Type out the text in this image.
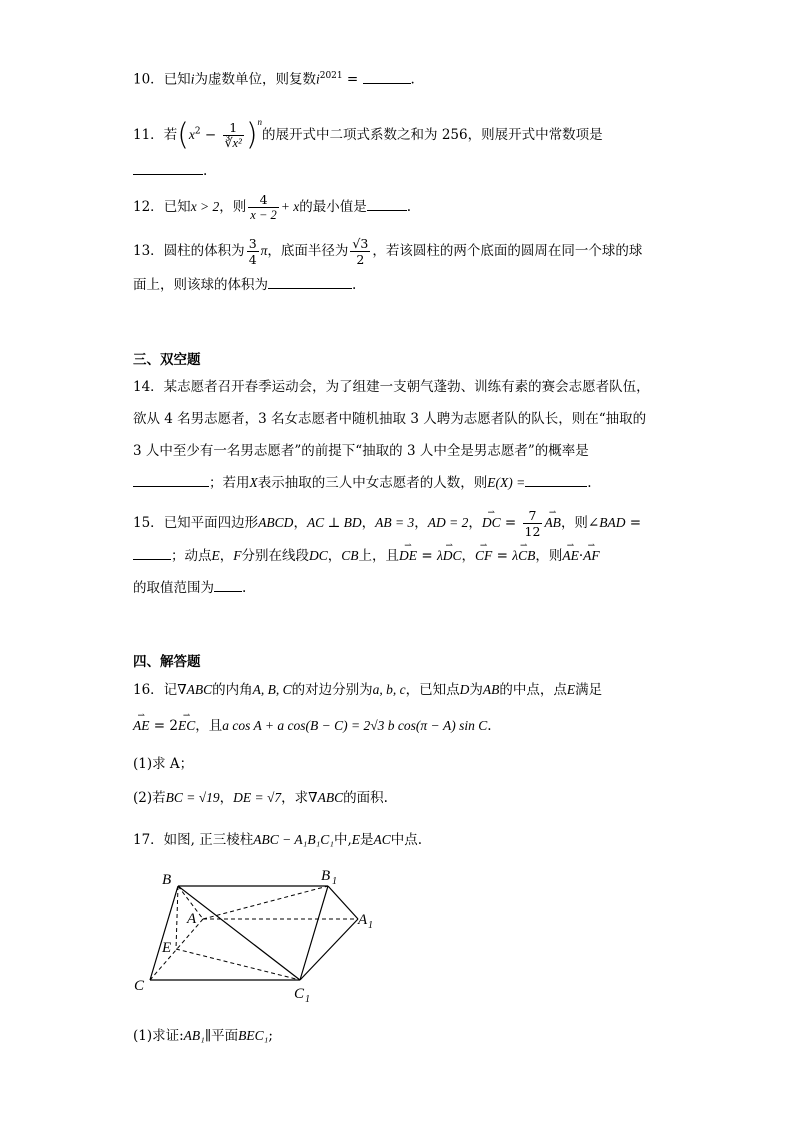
10．已知i为虚数单位，则复数$i^{2021}$ =	.
11．若$(x^2 - \frac{1}{\text{∛x²}} )^n$的展开式中二项式系数之和为 256，则展开式中常数项是
.
12．已知x > 2，则 $\frac{4}{x - 2} + x$的最小值是	.
13．圆柱的体积为 $\frac{3}{4}$ π，底面半径为 $\frac{√3}{2}$ ，若该圆柱的两个底面的圆周在同一个球的球
面上，则该球的体积为	.
三、双空题
14．某志愿者召开春季运动会，为了组建一支朝气蓬勃、训练有素的赛会志愿者队伍，
欲从 4 名男志愿者，3 名女志愿者中随机抽取 3 人聘为志愿者队的队长，则在“抽取的
3 人中至少有一名男志愿者”的前提下“抽取的 3 人中全是男志愿者”的概率是
；若用X表示抽取的三人中女志愿者的人数，则E(X) =	.
15．已知平面四边形ABCD，AC ⊥ BD，AB = 3，AD = 2，⇀ DC = $\frac{7}{12}$
⇀ AB，则∠BAD =
；动点E，F分别在线段DC，CB上，且⇀ DE = ⇀ λDC，⇀ CF = ⇀ λCB，则⇀ AE·⇀ AF
的取值范围为 .
四、解答题
16．记∇ABC的内角A, B, C的对边分别为a, b, c，已知点D为AB的中点，点E满足
⇀ AE = 2⇀ EC，且a cos A + a cos(B − C) = 2√3 b cos(π − A) sin C.
(1)求 A；
(2)若BC = √19，DE = √7，求∇ABC的面积.
17．如图, 正三棱柱ABC − A₁B₁C₁中,E是AC中点.
B	B 1
A	A 1
E
C	C 1
(1)求证:AB₁∥平面BEC₁;
